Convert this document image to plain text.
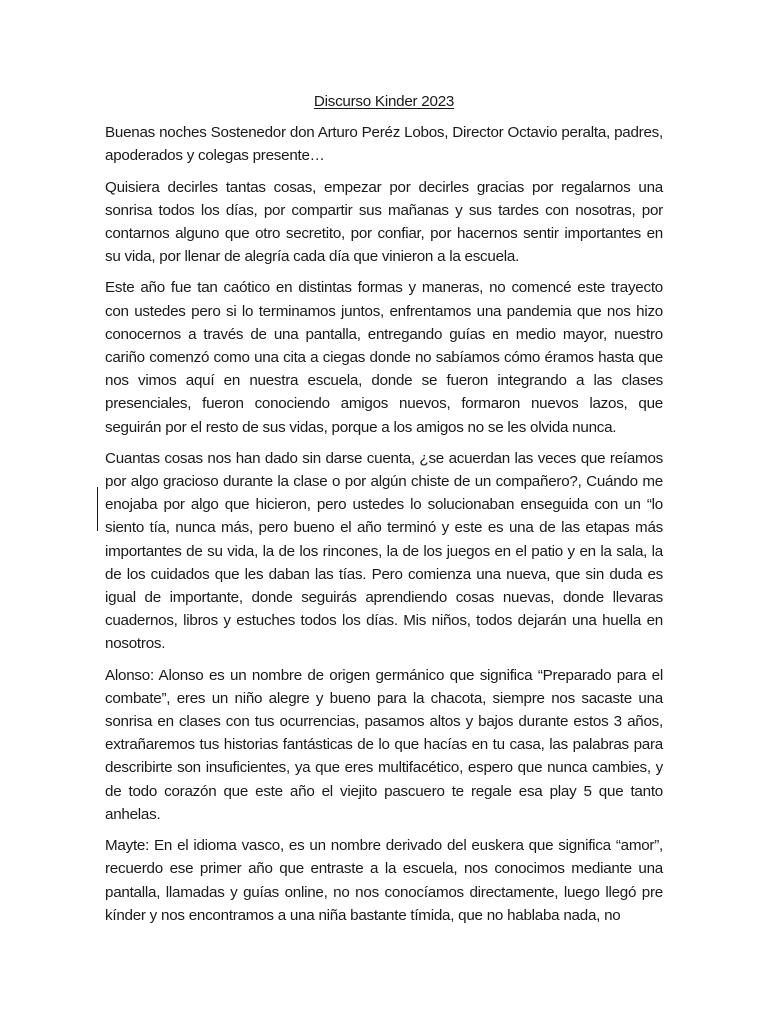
Discurso Kinder 2023

Buenas noches Sostenedor don Arturo Peréz Lobos, Director Octavio peralta, padres, apoderados y colegas presente…

Quisiera decirles tantas cosas, empezar por decirles gracias por regalarnos una sonrisa todos los días, por compartir sus mañanas y sus tardes con nosotras, por contarnos alguno que otro secretito, por confiar, por hacernos sentir importantes en su vida, por llenar de alegría cada día que vinieron a la escuela.

Este año fue tan caótico en distintas formas y maneras, no comencé este trayecto con ustedes pero si lo terminamos juntos, enfrentamos una pandemia que nos hizo conocernos a través de una pantalla, entregando guías en medio mayor, nuestro cariño comenzó como una cita a ciegas donde no sabíamos cómo éramos hasta que nos vimos aquí en nuestra escuela, donde se fueron integrando a las clases presenciales, fueron conociendo amigos nuevos, formaron nuevos lazos, que seguirán por el resto de sus vidas, porque a los amigos no se les olvida nunca.

Cuantas cosas nos han dado sin darse cuenta, ¿se acuerdan las veces que reíamos por algo gracioso durante la clase o por algún chiste de un compañero?, Cuándo me enojaba por algo que hicieron, pero ustedes lo solucionaban enseguida con un “lo siento tía, nunca más, pero bueno el año terminó y este es una de las etapas más importantes de su vida, la de los rincones, la de los juegos en el patio y en la sala, la de los cuidados que les daban las tías. Pero comienza una nueva, que sin duda es igual de importante, donde seguirás aprendiendo cosas nuevas, donde llevaras cuadernos, libros y estuches todos los días. Mis niños, todos dejarán una huella en nosotros.

Alonso: Alonso es un nombre de origen germánico que significa “Preparado para el combate”, eres un niño alegre y bueno para la chacota, siempre nos sacaste una sonrisa en clases con tus ocurrencias, pasamos altos y bajos durante estos 3 años, extrañaremos tus historias fantásticas de lo que hacías en tu casa, las palabras para describirte son insuficientes, ya que eres multifacético, espero que nunca cambies, y de todo corazón que este año el viejito pascuero te regale esa play 5 que tanto anhelas.

Mayte: En el idioma vasco, es un nombre derivado del euskera que significa “amor”, recuerdo ese primer año que entraste a la escuela, nos conocimos mediante una pantalla, llamadas y guías online, no nos conocíamos directamente, luego llegó pre kínder y nos encontramos a una niña bastante tímida, que no hablaba nada, no
